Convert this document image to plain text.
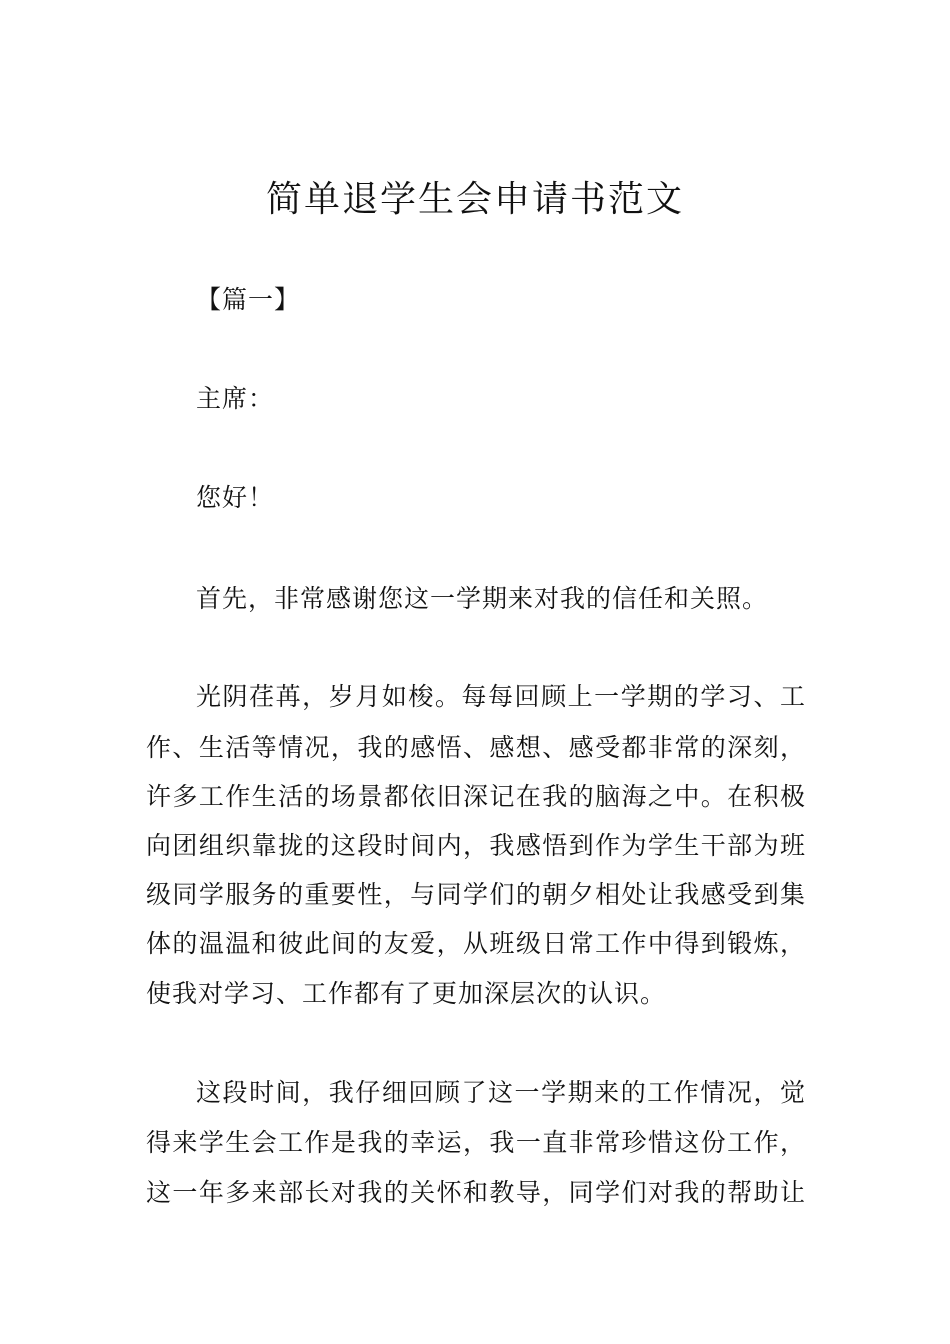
简单退学生会申请书范文
【篇一】
主席：
您好！
首先，非常感谢您这一学期来对我的信任和关照。
光阴荏苒，岁月如梭。每每回顾上一学期的学习、工
作、生活等情况，我的感悟、感想、感受都非常的深刻，
许多工作生活的场景都依旧深记在我的脑海之中。在积极
向团组织靠拢的这段时间内，我感悟到作为学生干部为班
级同学服务的重要性，与同学们的朝夕相处让我感受到集
体的温温和彼此间的友爱，从班级日常工作中得到锻炼，
使我对学习、工作都有了更加深层次的认识。
这段时间，我仔细回顾了这一学期来的工作情况，觉
得来学生会工作是我的幸运，我一直非常珍惜这份工作，
这一年多来部长对我的关怀和教导，同学们对我的帮助让
